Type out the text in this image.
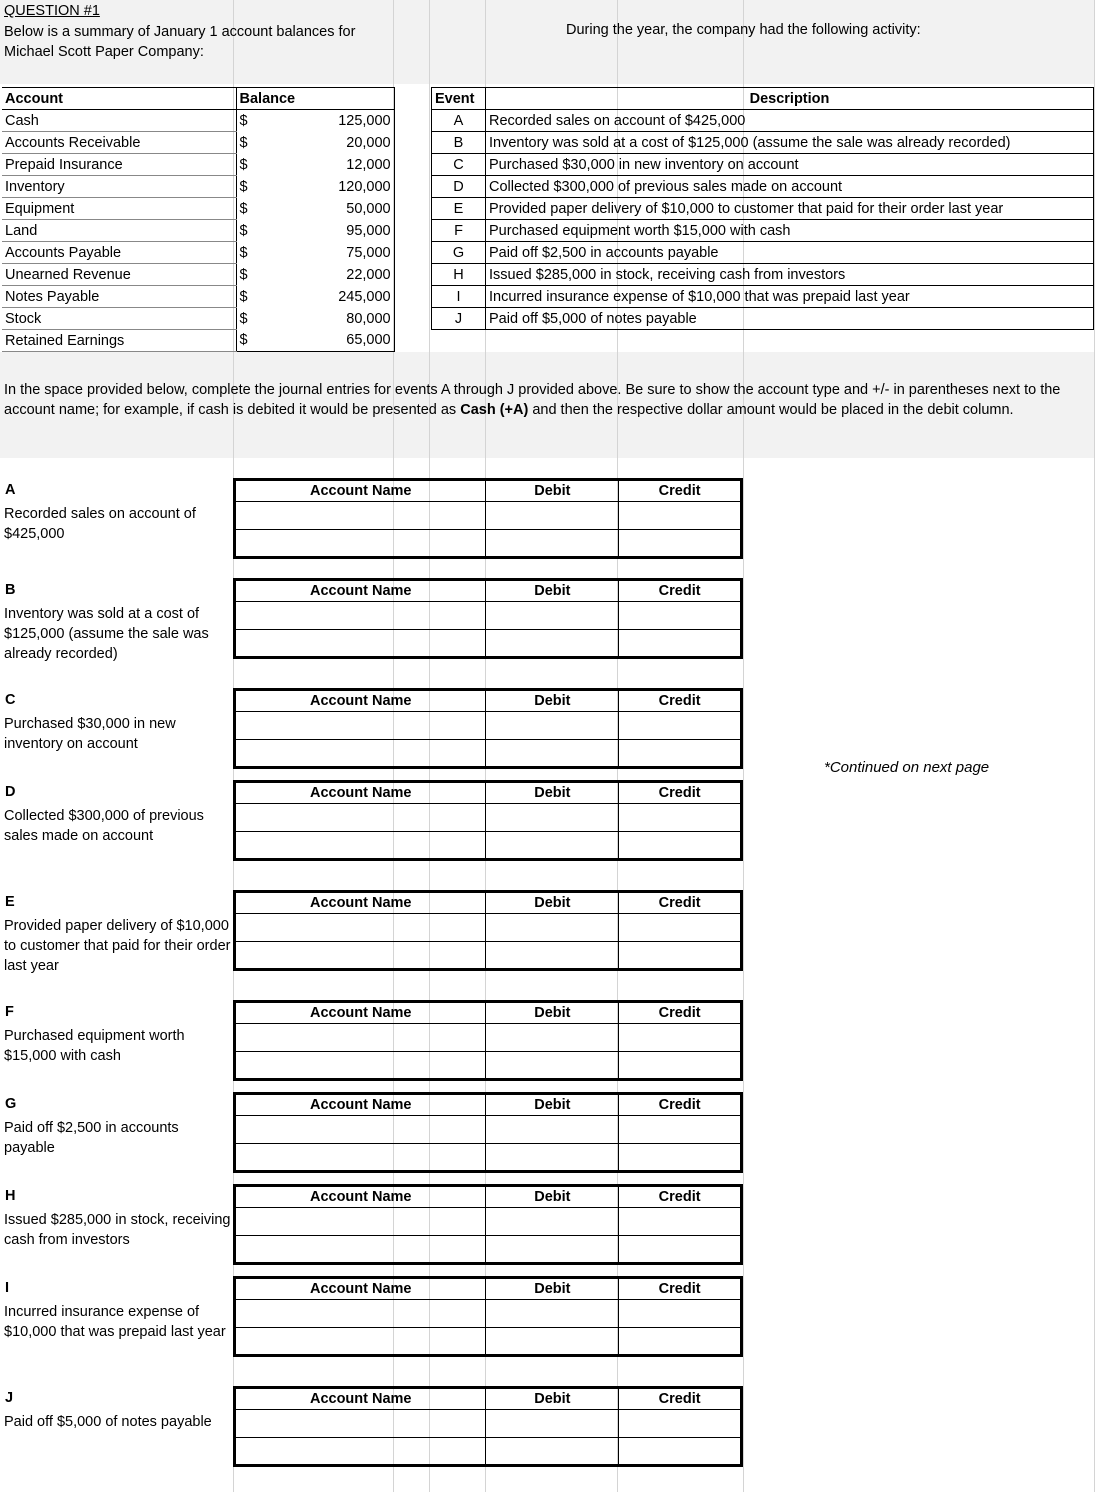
QUESTION #1
Below is a summary of January 1 account balances for
Michael Scott Paper Company:
During the year, the company had the following activity:
Account	Balance	
Cash	$	125,000
Accounts Receivable	$	20,000
Prepaid Insurance	$	12,000
Inventory	$	120,000
Equipment	$	50,000
Land	$	95,000
Accounts Payable	$	75,000
Unearned Revenue	$	22,000
Notes Payable	$	245,000
Stock	$	80,000
Retained Earnings	$	65,000
Event	Description
A	Recorded sales on account of $425,000
B	Inventory was sold at a cost of $125,000 (assume the sale was already recorded)
C	Purchased $30,000 in new inventory on account
D	Collected $300,000 of previous sales made on account
E	Provided paper delivery of $10,000 to customer that paid for their order last year
F	Purchased equipment worth $15,000 with cash
G	Paid off $2,500 in accounts payable
H	Issued $285,000 in stock, receiving cash from investors
I	Incurred insurance expense of $10,000 that was prepaid last year
J	Paid off $5,000 of notes payable
In the space provided below, complete the journal entries for events A through J provided above. Be sure to show the account type and +/- in parentheses next to the account name; for example, if cash is debited it would be presented as Cash (+A) and then the respective dollar amount would be placed in the debit column.
A
Recorded sales on account of $425,000
Account Name	Debit	Credit

B
Inventory was sold at a cost of $125,000 (assume the sale was already recorded)
Account Name	Debit	Credit

C
Purchased $30,000 in new inventory on account
Account Name	Debit	Credit

*Continued on next page
D
Collected $300,000 of previous sales made on account
Account Name	Debit	Credit

E
Provided paper delivery of $10,000 to customer that paid for their order last year
Account Name	Debit	Credit

F
Purchased equipment worth $15,000 with cash
Account Name	Debit	Credit

G
Paid off $2,500 in accounts payable
Account Name	Debit	Credit

H
Issued $285,000 in stock, receiving cash from investors
Account Name	Debit	Credit

I
Incurred insurance expense of $10,000 that was prepaid last year
Account Name	Debit	Credit

J
Paid off $5,000 of notes payable
Account Name	Debit	Credit
